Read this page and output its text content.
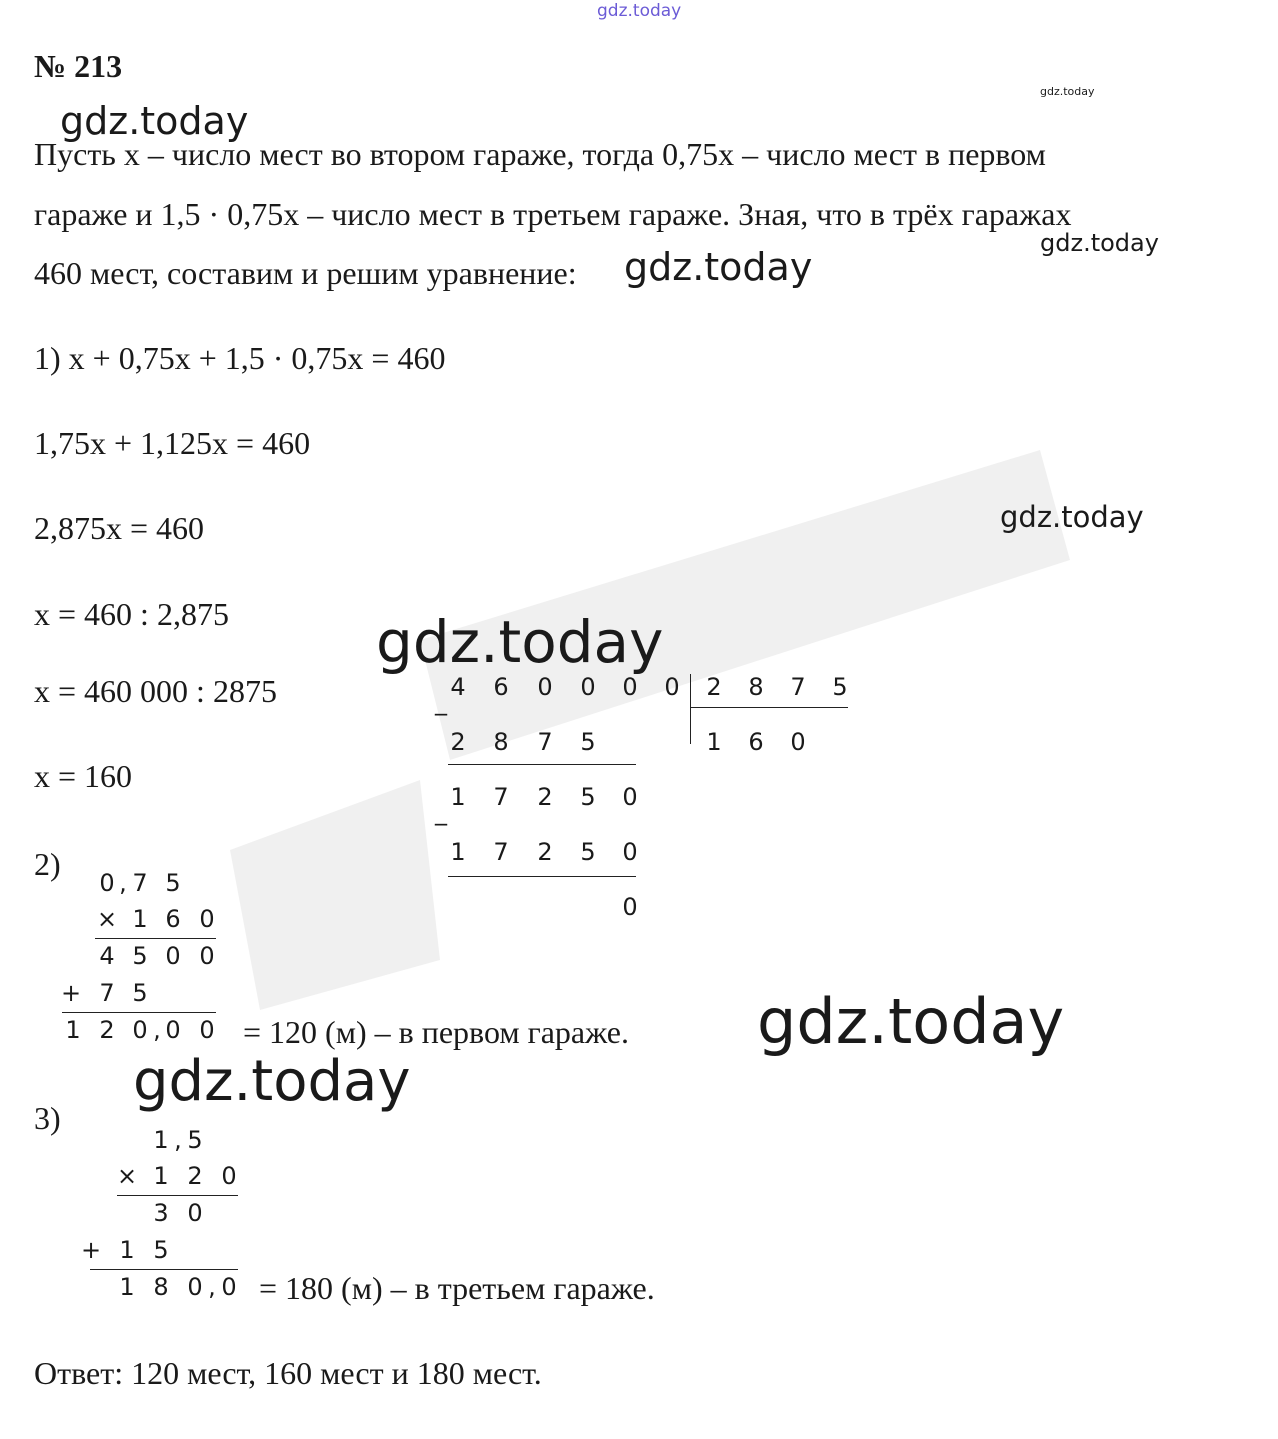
gdz.today
gdz.today
gdz.today
gdz.today
gdz.today
gdz.today
gdz.today
gdz.today
gdz.today
№ 213
Пусть х – число мест во втором гараже, тогда 0,75х – число мест в первом
гараже и 1,5 · 0,75х – число мест в третьем гараже. Зная, что в трёх гаражах
460 мест, составим и решим уравнение:
1) х + 0,75х + 1,5 · 0,75х = 460
1,75х + 1,125х = 460
2,875х = 460
х = 460 : 2,875
х = 460 000 : 2875
х = 160
_
4 6 0 0 0 0 2 8 7 5
1 6 0
2 8 7 5
1 7 2 5 0
_
1 7 2 5 0
0
2)
0 , 7 5
× 1 6 0
4 5 0 0
+ 7 5
1 2 0 , 0 0 = 120 (м) – в первом гараже.
3)
1 , 5
× 1 2 0
3 0
+ 1 5
1 8 0 , 0 = 180 (м) – в третьем гараже.
Ответ: 120 мест, 160 мест и 180 мест.
